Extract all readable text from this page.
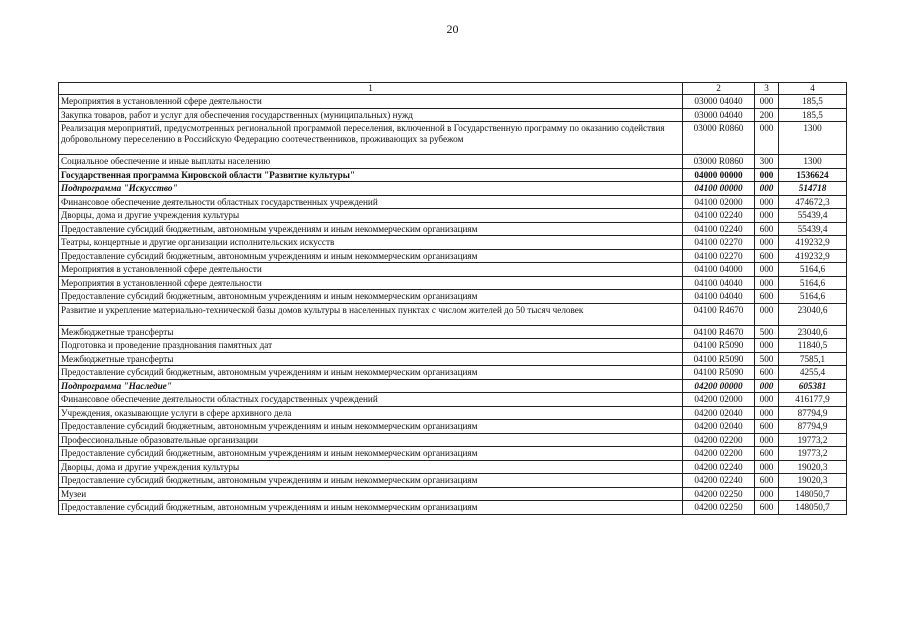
20
1	2	3	4
Мероприятия в установленной сфере деятельности	03000 04040	000	185,5
Закупка товаров, работ и услуг для обеспечения государственных (муниципальных) нужд	03000 04040	200	185,5
Реализация мероприятий, предусмотренных региональной программой переселения, включенной в Государственную программу по оказанию содействия добровольному переселению в Российскую Федерацию соотечественников, проживающих за рубежом	03000 R0860	000	1300
Социальное обеспечение и иные выплаты населению	03000 R0860	300	1300
Государственная программа Кировской области "Развитие культуры"	04000 00000	000	1536624
Подпрограмма "Искусство"	04100 00000	000	514718
Финансовое обеспечение деятельности областных государственных учреждений	04100 02000	000	474672,3
Дворцы, дома и другие учреждения культуры	04100 02240	000	55439,4
Предоставление субсидий бюджетным, автономным учреждениям и иным некоммерческим организациям	04100 02240	600	55439,4
Театры, концертные и другие организации исполнительских искусств	04100 02270	000	419232,9
Предоставление субсидий бюджетным, автономным учреждениям и иным некоммерческим организациям	04100 02270	600	419232,9
Мероприятия в установленной сфере деятельности	04100 04000	000	5164,6
Мероприятия в установленной сфере деятельности	04100 04040	000	5164,6
Предоставление субсидий бюджетным, автономным учреждениям и иным некоммерческим организациям	04100 04040	600	5164,6
Развитие и укрепление материально-технической базы домов культуры в населенных пунктах с числом жителей до 50 тысяч человек	04100 R4670	000	23040,6
Межбюджетные трансферты	04100 R4670	500	23040,6
Подготовка и проведение празднования памятных дат	04100 R5090	000	11840,5
Межбюджетные трансферты	04100 R5090	500	7585,1
Предоставление субсидий бюджетным, автономным учреждениям и иным некоммерческим организациям	04100 R5090	600	4255,4
Подпрограмма "Наследие"	04200 00000	000	605381
Финансовое обеспечение деятельности областных государственных учреждений	04200 02000	000	416177,9
Учреждения, оказывающие услуги в сфере архивного дела	04200 02040	000	87794,9
Предоставление субсидий бюджетным, автономным учреждениям и иным некоммерческим организациям	04200 02040	600	87794,9
Профессиональные образовательные организации	04200 02200	000	19773,2
Предоставление субсидий бюджетным, автономным учреждениям и иным некоммерческим организациям	04200 02200	600	19773,2
Дворцы, дома и другие учреждения культуры	04200 02240	000	19020,3
Предоставление субсидий бюджетным, автономным учреждениям и иным некоммерческим организациям	04200 02240	600	19020,3
Музеи	04200 02250	000	148050,7
Предоставление субсидий бюджетным, автономным учреждениям и иным некоммерческим организациям	04200 02250	600	148050,7
